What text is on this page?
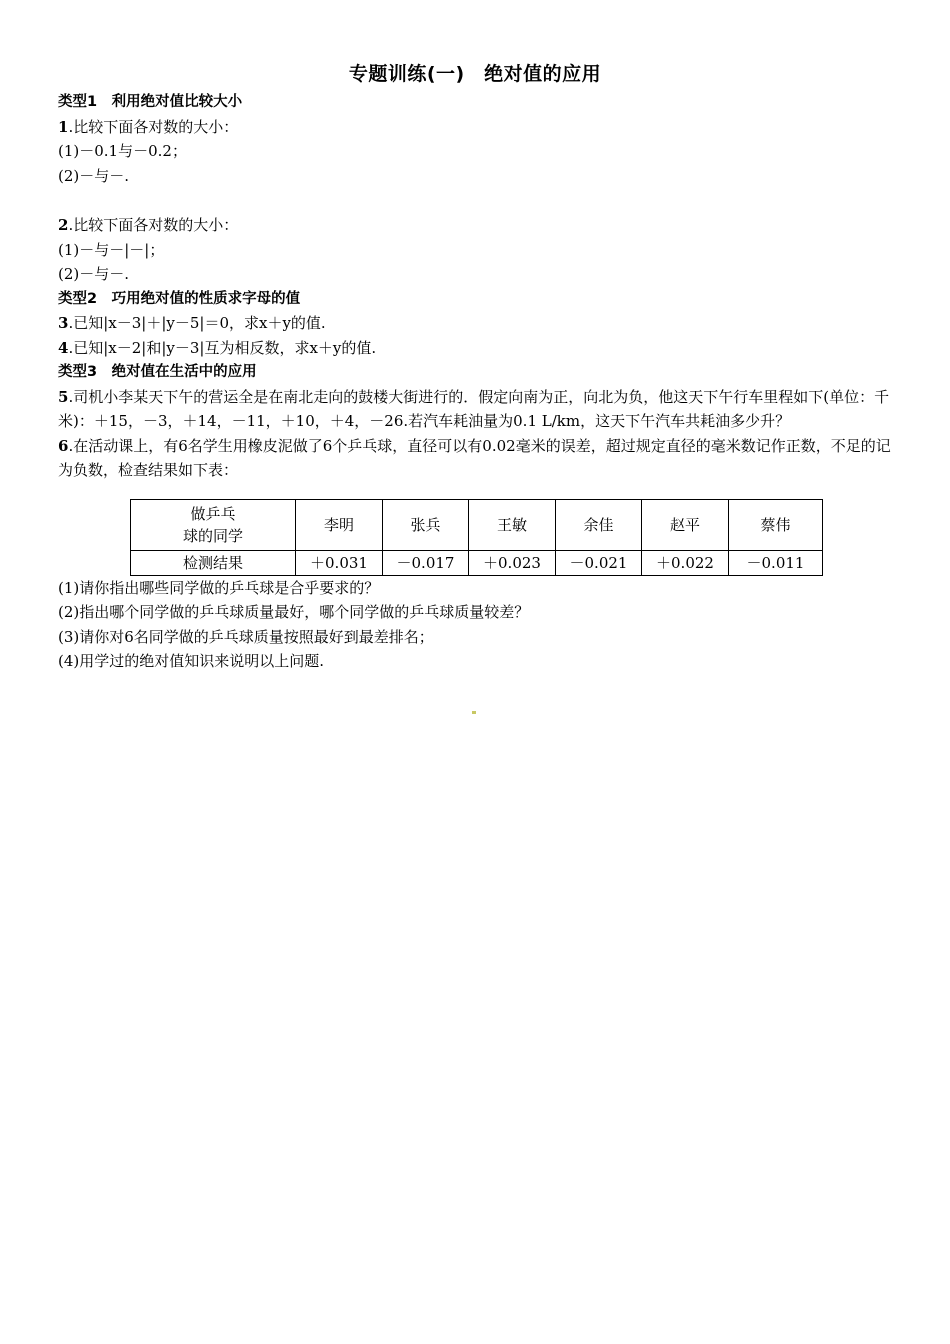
专题训练(一)　绝对值的应用
类型1　利用绝对值比较大小
1.比较下面各对数的大小：
(1)－0.1与－0.2；
(2)－与－.
2.比较下面各对数的大小：
(1)－与－|－|；
(2)－与－.
类型2　巧用绝对值的性质求字母的值
3.已知|x－3|＋|y－5|＝0，求x＋y的值.
4.已知|x－2|和|y－3|互为相反数，求x＋y的值.
类型3　绝对值在生活中的应用
5.司机小李某天下午的营运全是在南北走向的鼓楼大街进行的．假定向南为正，向北为负，他这天下午行车里程如下(单位：千米)：＋15，－3，＋14，－11，＋10，＋4，－26.若汽车耗油量为0.1 L/km，这天下午汽车共耗油多少升？
6.在活动课上，有6名学生用橡皮泥做了6个乒乓球，直径可以有0.02毫米的误差，超过规定直径的毫米数记作正数，不足的记为负数，检查结果如下表：
做乒乓
球的同学	李明	张兵	王敏	余佳	赵平	蔡伟
检测结果	＋0.031	－0.017	＋0.023	－0.021	＋0.022	－0.011
(1)请你指出哪些同学做的乒乓球是合乎要求的？
(2)指出哪个同学做的乒乓球质量最好，哪个同学做的乒乓球质量较差？
(3)请你对6名同学做的乒乓球质量按照最好到最差排名；
(4)用学过的绝对值知识来说明以上问题.
